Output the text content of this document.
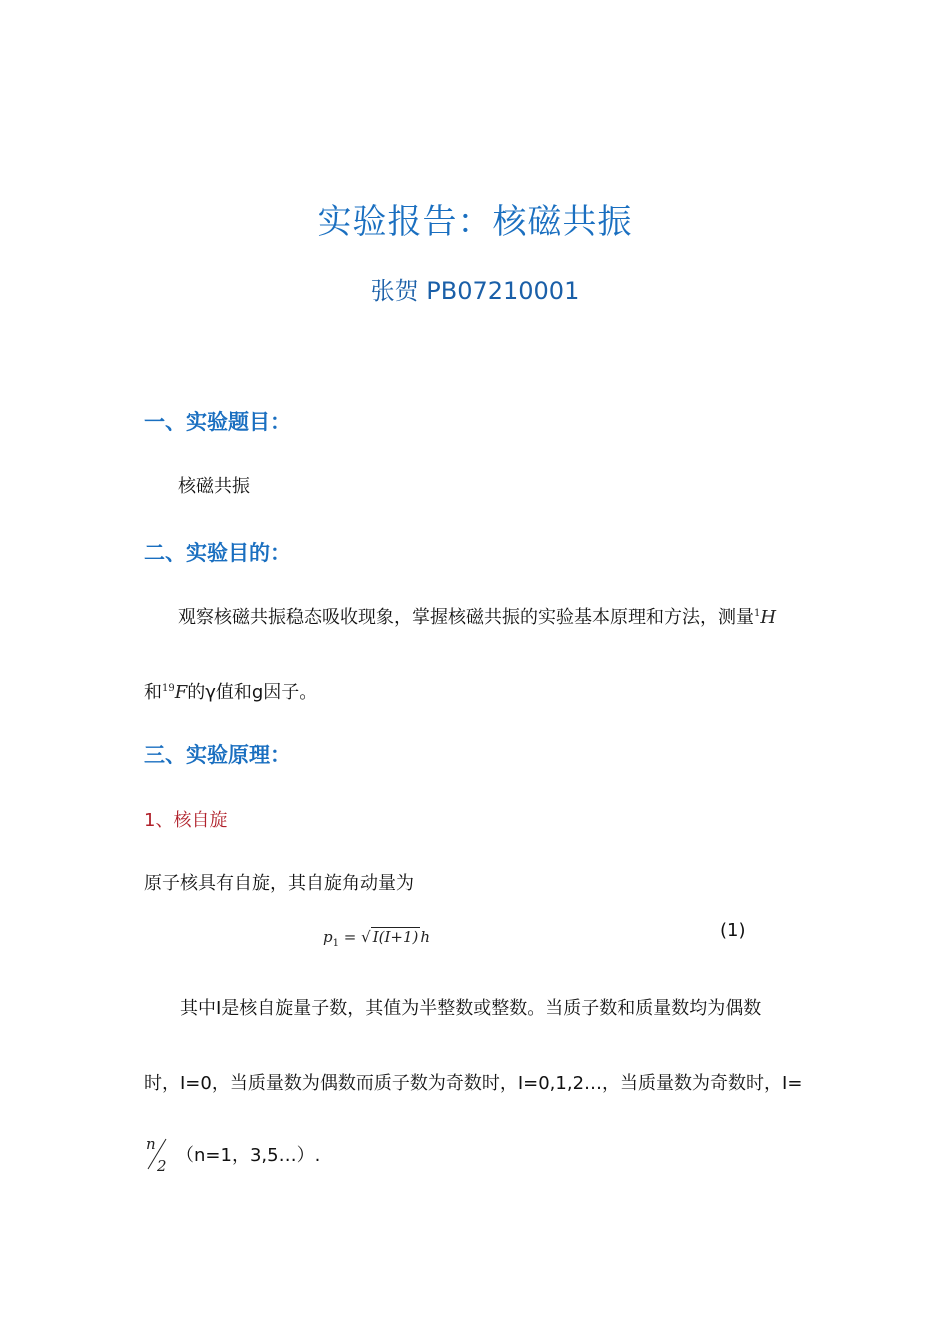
实验报告：核磁共振
张贺 PB07210001
一、实验题目：
核磁共振
二、实验目的：
观察核磁共振稳态吸收现象，掌握核磁共振的实验基本原理和方法，测量$^1$H
和$^{19}$F的γ值和g因子。
三、实验原理：
1、核自旋
原子核具有自旋，其自旋角动量为
$p_1$ = √ I(I+1) h	(1)
其中I是核自旋量子数，其值为半整数或整数。当质子数和质量数均为偶数
时，I=0，当质量数为偶数而质子数为奇数时，I=0,1,2…，当质量数为奇数时，I=
n
2 （n=1，3,5…）.
